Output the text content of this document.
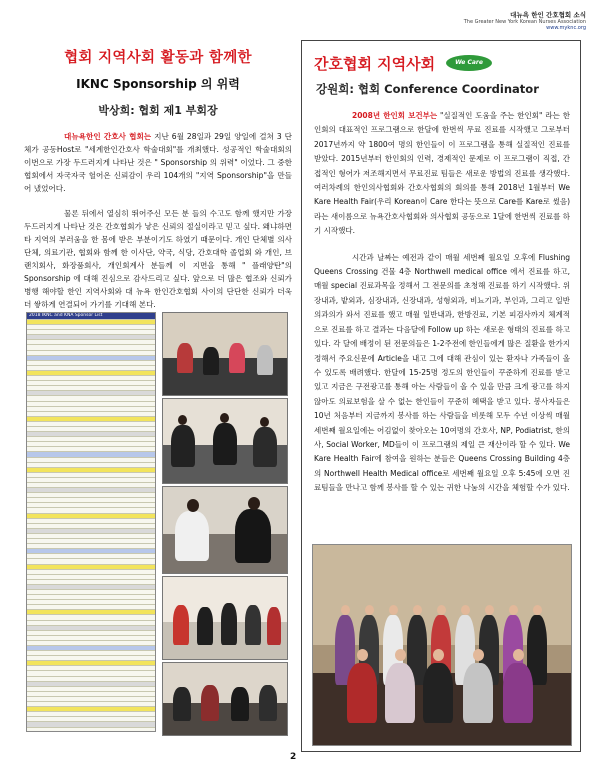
대뉴욕 한인 간호협회 소식
The Greater New York Korean Nurses Association
www.myknc.org
협회 지역사회 활동과 함께한
IKNC Sponsorship 의 위력
박상희: 협회 제1 부회장
대뉴욕한인 간호사 협회는 지난 6월 28일과 29일 양일에 걸쳐 3 단체가 공동Host로 "세계한인간호사 학술대회"를 개최했다. 성공적인 학술대회의 이번으로 가장 두드러지게 나타난 것은 " Sponsorship 의 위력" 이었다. 그 중한 협회에서 자국자국 헐어온 신뢰감이 우리 104개의 "지역 Sponsorship"을 만들어 냈었어다.
물론 뒤에서 열심히 뛰어주신 모든 분 들의 수고도 함께 했지만 가장 두드러지게 나타난 것은 간호협회가 낳은 신뢰의 절실이라고 믿고 싶다. 왜냐하면 타 지역의 부러움을 한 몸에 받은 부분이기도 하였기 때문이다. 개인 단체별 의사단체, 의료기관, 협회와 함께 한 이사단, 약국, 식당, 간호대학 졸업회 와 개인, 브랜치회사, 화장품회사, 개인회계사 분들께 이 지면을 통해 " 플래양탄"의 Sponsorship 에 대해 진심으로 감사드리고 싶다. 앞으로 더 많은 협조와 신뢰가 병행 해야할 한인 지역사회와 대 뉴욕 한인간호협회 사이의 단단한 신뢰가 더욱 더 쌓하게 연결되어 가기를 기대해 본다.
2018 IKNC and KNA Sponsor List
간호협회 지역사회	We Care
강원희: 협회 Conference Coordinator
2008년 한인회 보건부는 "실질적인 도움을 주는 한인회" 라는 한인회의 대표적인 프로그램으로 한달에 한번씩 무료 진료를 시작했고 그로부터 2017년까지 약 1800여 명의 한인들이 이 프로그램을 통해 실질적인 진료를 받았다. 2015년부터 한인회의 인력, 경제적인 문제로 이 프로그램이 직접, 간접적인 형어가 저조해지면서 무료진료 팀들은 새로운 방법의 진료를 생각했다. 여러차례의 한인의사협회와 간호사협회의 회의를 통해 2018년 1월부터 We Kare Health Fair(우리 Korean이 Care 한다는 뜻으로 Care를 Kare로 썼음) 라는 새이름으로 뉴욕간호사협회와 의사협회 공동으로 1달에 한번씩 진료를 하기 시작했다.
시간과 날짜는 예전과 같이 매월 세번째 월요일 오후에 Flushing Queens Crossing 건물 4층 Northwell medical office 에서 진료를 하고, 매월 special 진료과목을 정해서 그 전문의를 초청해 진료를 하기 시작했다. 위장내과, 밭외과, 심장내과, 신장내과, 성형외과, 비뇨기과, 부인과, 그리고 일반의과의가 와서 진료를 했고 매월 일반내과, 한방진료, 기본 피검사까지 체계적으로 진료를 하고 결과는 다음달에 Follow up 하는 새로운 형태의 진료를 하고 있다. 각 달에 배정이 된 전문의들은 1-2주전에 한인들에게 많은 질환을 한가지 정해서 주요신문에 Article을 내고 그에 대해 관심이 있는 환자나 가족들이 올 수 있도록 배려했다. 한달에 15-25명 정도의 한인들이 꾸준하게 진료를 받고 있고 지금은 구전광고를 통해 아는 사람들이 올 수 있을 만큼 크게 광고를 하지 않아도 의료보험을 살 수 없는 한인들이 꾸준히 혜택을 받고 있다. 봉사자들은 10년 처음부터 지금까지 봉사를 하는 사람들을 비롯해 모두 수년 이상씩 매월 세번째 월요일에는 어김없이 찾아오는 10여명의 간호사, NP, Podiatrist, 한의사, Social Worker, MD들이 이 프로그램의 제일 큰 재산이라 할 수 있다. We Kare Health Fair에 참여을 원하는 분들은 Queens Crossing Building 4층의 Northwell Health Medical office로 세번째 월요일 오후 5:45에 오면 진료팀들을 만나고 함께 봉사를 할 수 있는 귀한 나눔의 시간을 체험할 수가 있다.
2
